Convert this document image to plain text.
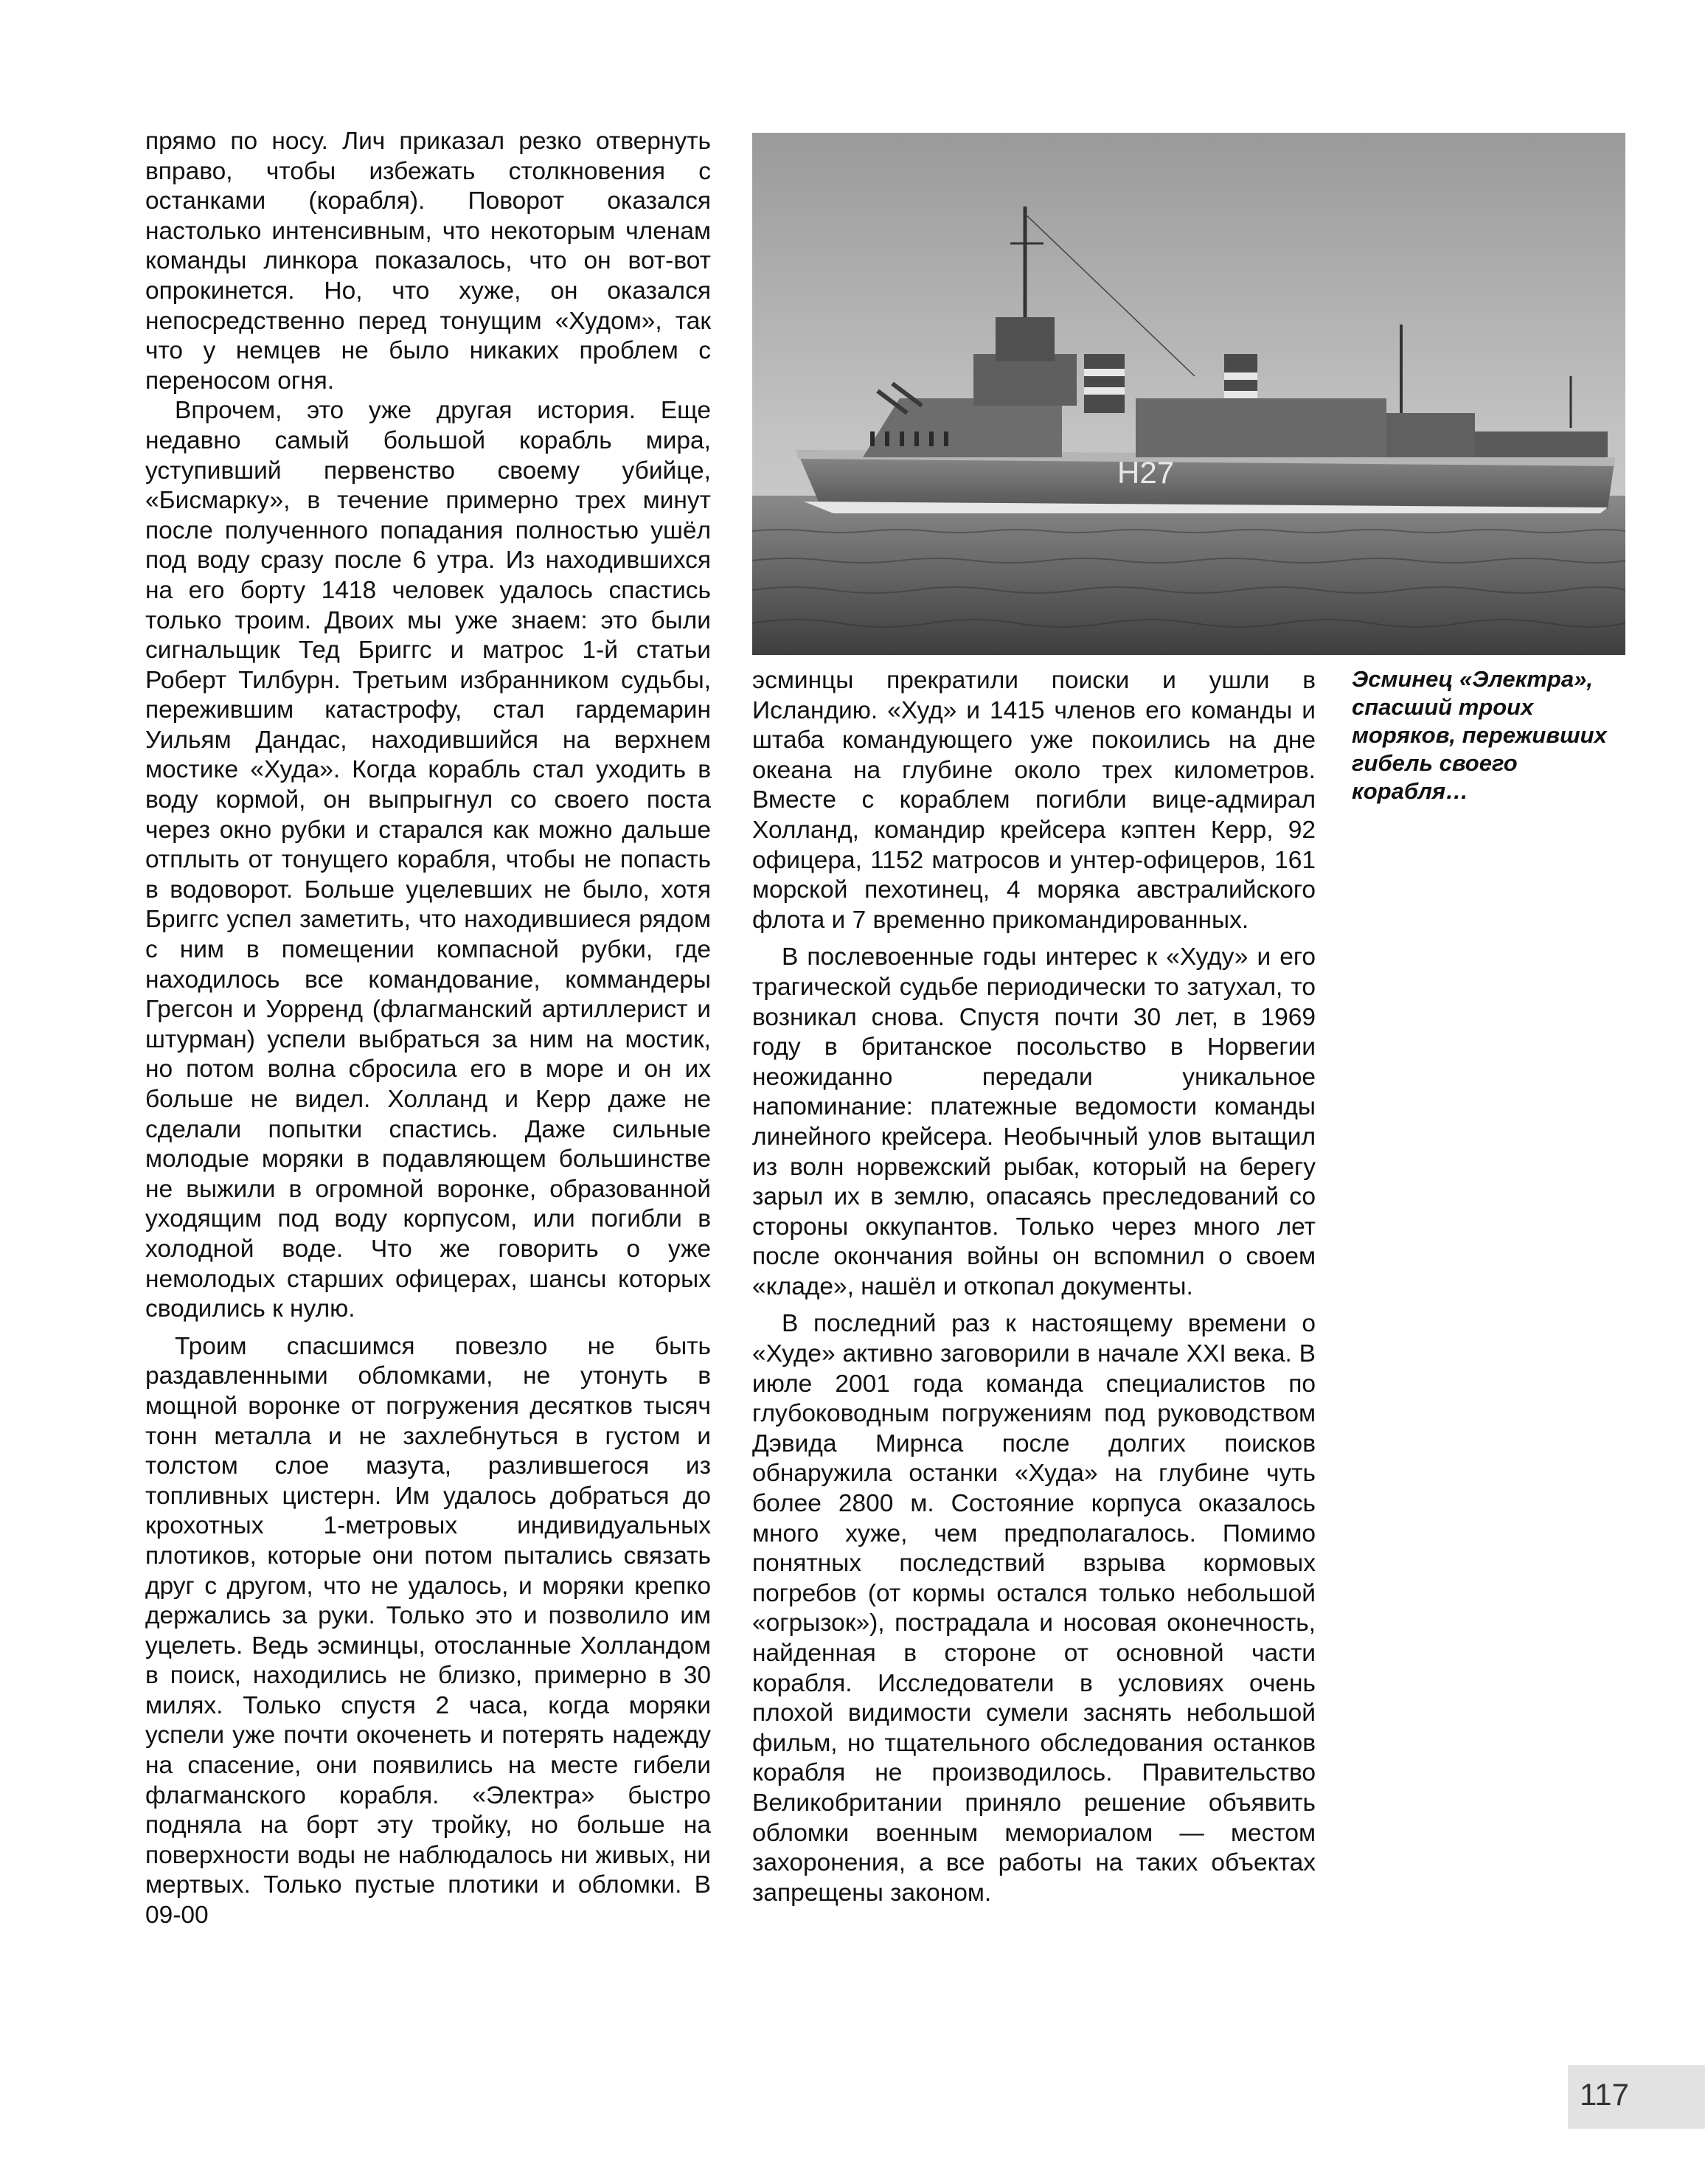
прямо по носу. Лич приказал резко отвернуть вправо, чтобы избежать столкновения с останками (корабля). Поворот оказался настолько интенсивным, что некоторым членам команды линкора показалось, что он вот-вот опрокинется. Но, что хуже, он оказался непосредственно перед тонущим «Худом», так что у немцев не было никаких проблем с переносом огня.

Впрочем, это уже другая история. Еще недавно самый большой корабль мира, уступивший первенство своему убийце, «Бисмарку», в течение примерно трех минут после полученного попадания полностью ушёл под воду сразу после 6 утра. Из находившихся на его борту 1418 человек удалось спастись только троим. Двоих мы уже знаем: это были сигнальщик Тед Бриггс и матрос 1-й статьи Роберт Тилбурн. Третьим избранником судьбы, пережившим катастрофу, стал гардемарин Уильям Дандас, находившийся на верхнем мостике «Худа». Когда корабль стал уходить в воду кормой, он выпрыгнул со своего поста через окно рубки и старался как можно дальше отплыть от тонущего корабля, чтобы не попасть в водоворот. Больше уцелевших не было, хотя Бриггс успел заметить, что находившиеся рядом с ним в помещении компасной рубки, где находилось все командование, коммандеры Грегсон и Уорренд (флагманский артиллерист и штурман) успели выбраться за ним на мостик, но потом волна сбросила его в море и он их больше не видел. Холланд и Керр даже не сделали попытки спастись. Даже сильные молодые моряки в подавляющем большинстве не выжили в огромной воронке, образованной уходящим под воду корпусом, или погибли в холодной воде. Что же говорить о уже немолодых старших офицерах, шансы которых сводились к нулю.

Троим спасшимся повезло не быть раздавленными обломками, не утонуть в мощной воронке от погружения десятков тысяч тонн металла и не захлебнуться в густом и толстом слое мазута, разлившегося из топливных цистерн. Им удалось добраться до крохотных 1-метровых индивидуальных плотиков, которые они потом пытались связать друг с другом, что не удалось, и моряки крепко держались за руки. Только это и позволило им уцелеть. Ведь эсминцы, отосланные Холландом в поиск, находились не близко, примерно в 30 милях. Только спустя 2 часа, когда моряки успели уже почти окоченеть и потерять надежду на спасение, они появились на месте гибели флагманского корабля. «Электра» быстро подняла на борт эту тройку, но больше на поверхности воды не наблюдалось ни живых, ни мертвых. Только пустые плотики и обломки. В 09-00

H27

эсминцы прекратили поиски и ушли в Исландию. «Худ» и 1415 членов его команды и штаба командующего уже покоились на дне океана на глубине около трех километров. Вместе с кораблем погибли вице-адмирал Холланд, командир крейсера кэптен Керр, 92 офицера, 1152 матросов и унтер-офицеров, 161 морской пехотинец, 4 моряка австралийского флота и 7 временно прикомандированных.

В послевоенные годы интерес к «Худу» и его трагической судьбе периодически то затухал, то возникал снова. Спустя почти 30 лет, в 1969 году в британское посольство в Норвегии неожиданно передали уникальное напоминание: платежные ведомости команды линейного крейсера. Необычный улов вытащил из волн норвежский рыбак, который на берегу зарыл их в землю, опасаясь преследований со стороны оккупантов. Только через много лет после окончания войны он вспомнил о своем «кладе», нашёл и откопал документы.

В последний раз к настоящему времени о «Худе» активно заговорили в начале XXI века. В июле 2001 года команда специалистов по глубоководным погружениям под руководством Дэвида Мирнса после долгих поисков обнаружила останки «Худа» на глубине чуть более 2800 м. Состояние корпуса оказалось много хуже, чем предполагалось. Помимо понятных последствий взрыва кормовых погребов (от кормы остался только небольшой «огрызок»), пострадала и носовая оконечность, найденная в стороне от основной части корабля. Исследователи в условиях очень плохой видимости сумели заснять небольшой фильм, но тщательного обследования останков корабля не производилось. Правительство Великобритании приняло решение объявить обломки военным мемориалом — местом захоронения, а все работы на таких объектах запрещены законом.

Эсминец «Электра», спасший троих моряков, переживших гибель своего корабля…
117
